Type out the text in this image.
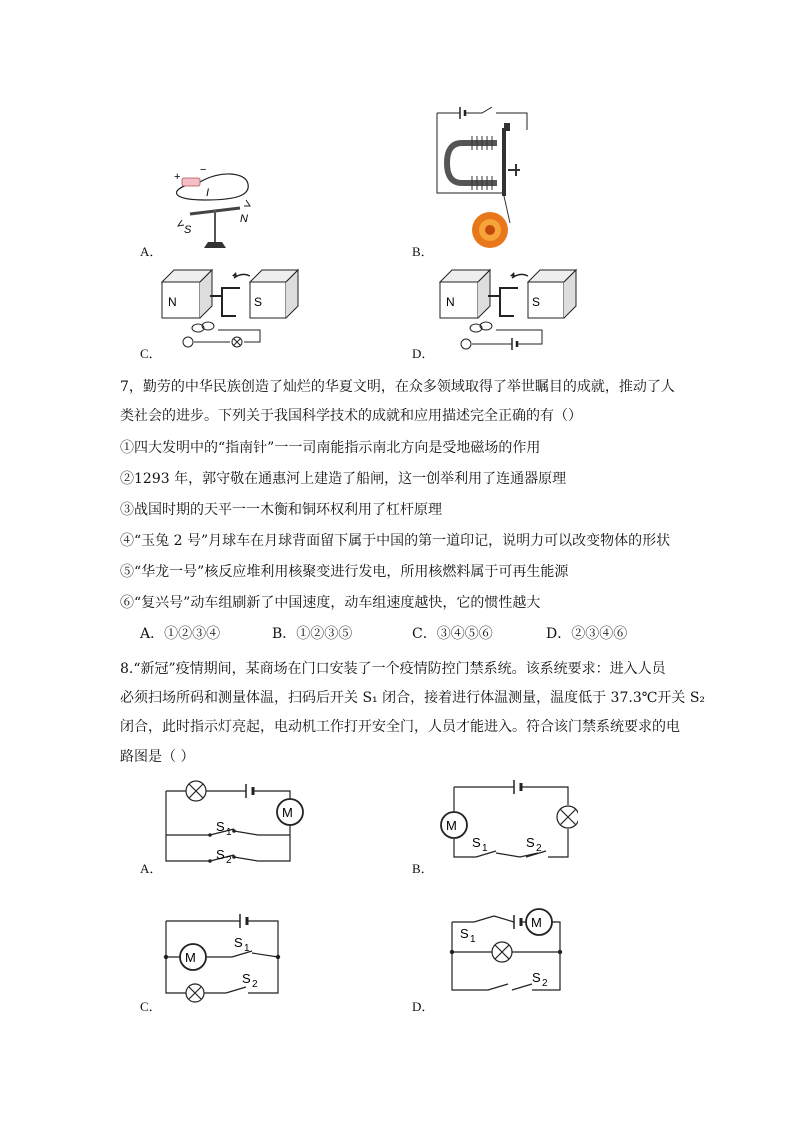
+
−
I
S
N
A．	B．
N	S
C．
N	S
D．
7，勤劳的中华民族创造了灿烂的华夏文明，在众多领域取得了举世瞩目的成就，推动了人
类社会的进步。下列关于我国科学技术的成就和应用描述完全正确的有（）
①四大发明中的“指南针”一一司南能指示南北方向是受地磁场的作用
②1293 年，郭守敬在通惠河上建造了船闸，这一创举利用了连通器原理
③战国时期的天平一一木衡和铜环权利用了杠杆原理
④“玉兔 2 号”月球车在月球背面留下属于中国的第一道印记，说明力可以改变物体的形状
⑤“华龙一号”核反应堆利用核聚变进行发电，所用核燃料属于可再生能源
⑥“复兴号”动车组刷新了中国速度，动车组速度越快，它的惯性越大
A．①②③④	B．①②③⑤	C．③④⑤⑥	D．②③④⑥
8.“新冠”疫情期间，某商场在门口安装了一个疫情防控门禁系统。该系统要求：进入人员
必须扫场所码和测量体温，扫码后开关 S₁ 闭合，接着进行体温测量，温度低于 37.3℃开关 S₂
闭合，此时指示灯亮起，电动机工作打开安全门，人员才能进入。符合该门禁系统要求的电
路图是（ ）
M
S 1
S 2
A．
M
S 1	S 2
B．
M
S 1
S 2
C．
M
S 1
S 2
D．
